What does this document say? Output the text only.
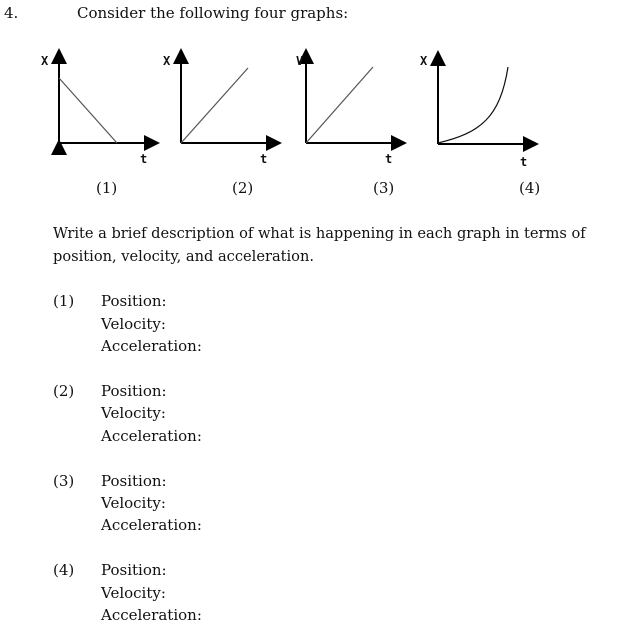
4.	Consider the following four graphs:
X
t
X
t
V
t
X
t
(1)	(2)	(3)	(4)
Write a brief description of what is happening in each graph in terms of
position, velocity, and acceleration.
(1) Position:
Velocity:
Acceleration:
(2) Position:
Velocity:
Acceleration:
(3) Position:
Velocity:
Acceleration:
(4) Position:
Velocity:
Acceleration:
